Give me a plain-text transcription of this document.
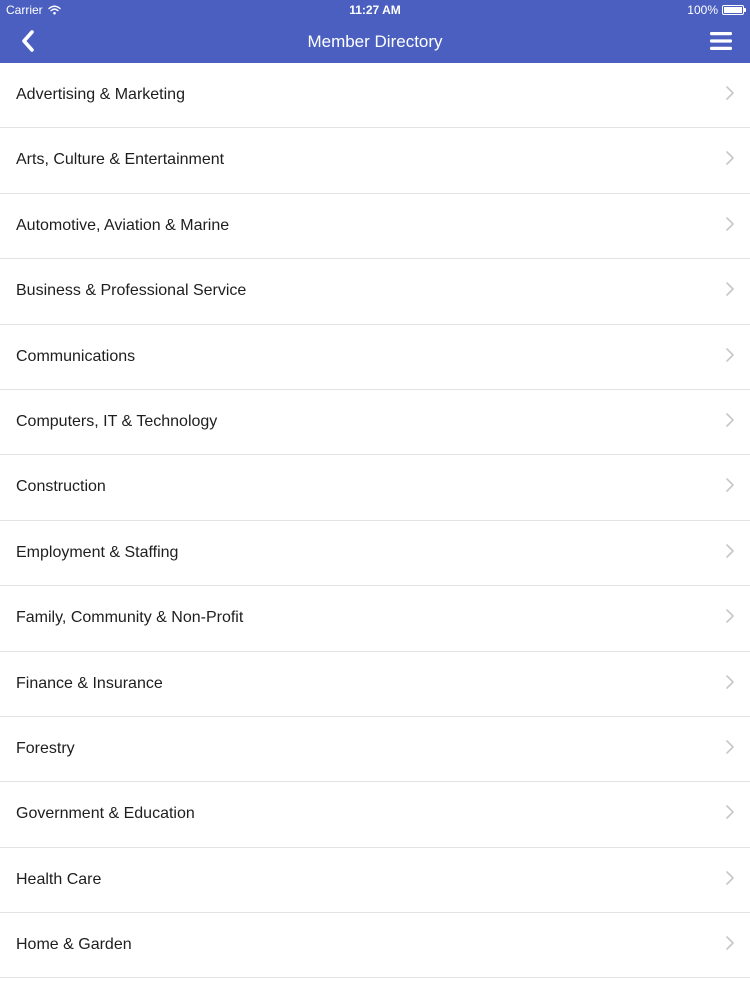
Carrier	11:27 AM	100%
Member Directory
Advertising & Marketing
Arts, Culture & Entertainment
Automotive, Aviation & Marine
Business & Professional Service
Communications
Computers, IT & Technology
Construction
Employment & Staffing
Family, Community & Non-Profit
Finance & Insurance
Forestry
Government & Education
Health Care
Home & Garden
